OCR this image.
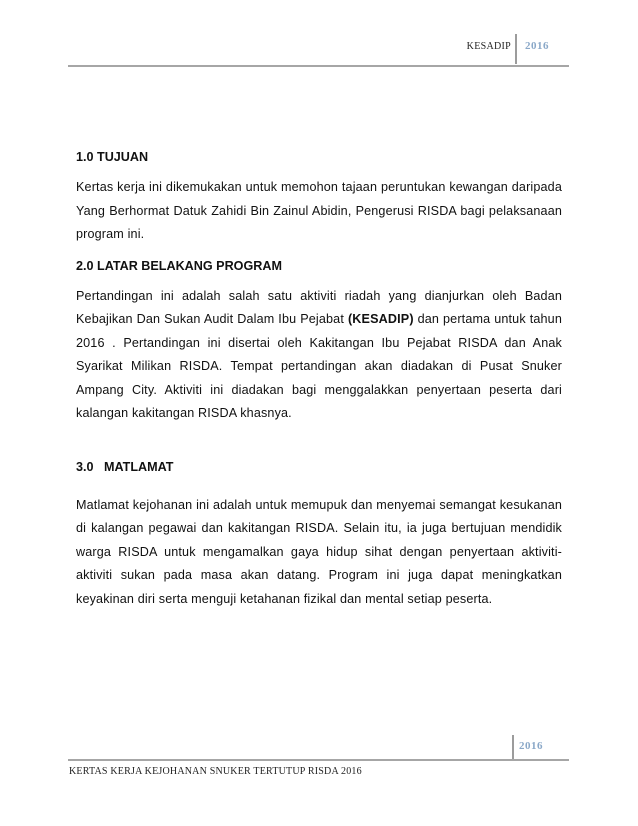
KESADIP 2016

1.0 TUJUAN

Kertas kerja ini dikemukakan untuk memohon tajaan peruntukan kewangan daripada Yang Berhormat Datuk Zahidi Bin Zainul Abidin, Pengerusi RISDA bagi pelaksanaan program ini.

2.0 LATAR BELAKANG PROGRAM

Pertandingan ini adalah salah satu aktiviti riadah yang dianjurkan oleh Badan Kebajikan Dan Sukan Audit Dalam Ibu Pejabat (KESADIP) dan pertama untuk tahun 2016 . Pertandingan ini disertai oleh Kakitangan Ibu Pejabat RISDA dan Anak Syarikat Milikan RISDA. Tempat pertandingan akan diadakan di Pusat Snuker Ampang City. Aktiviti ini diadakan bagi menggalakkan penyertaan peserta dari kalangan kakitangan RISDA khasnya.

3.0   MATLAMAT

Matlamat kejohanan ini adalah untuk memupuk dan menyemai semangat kesukanan di kalangan pegawai dan kakitangan RISDA. Selain itu, ia juga bertujuan mendidik warga RISDA untuk mengamalkan gaya hidup sihat dengan penyertaan aktiviti-aktiviti sukan pada masa akan datang. Program ini juga dapat meningkatkan keyakinan diri serta menguji ketahanan fizikal dan mental setiap peserta.

2016
KERTAS KERJA KEJOHANAN SNUKER TERTUTUP RISDA 2016
